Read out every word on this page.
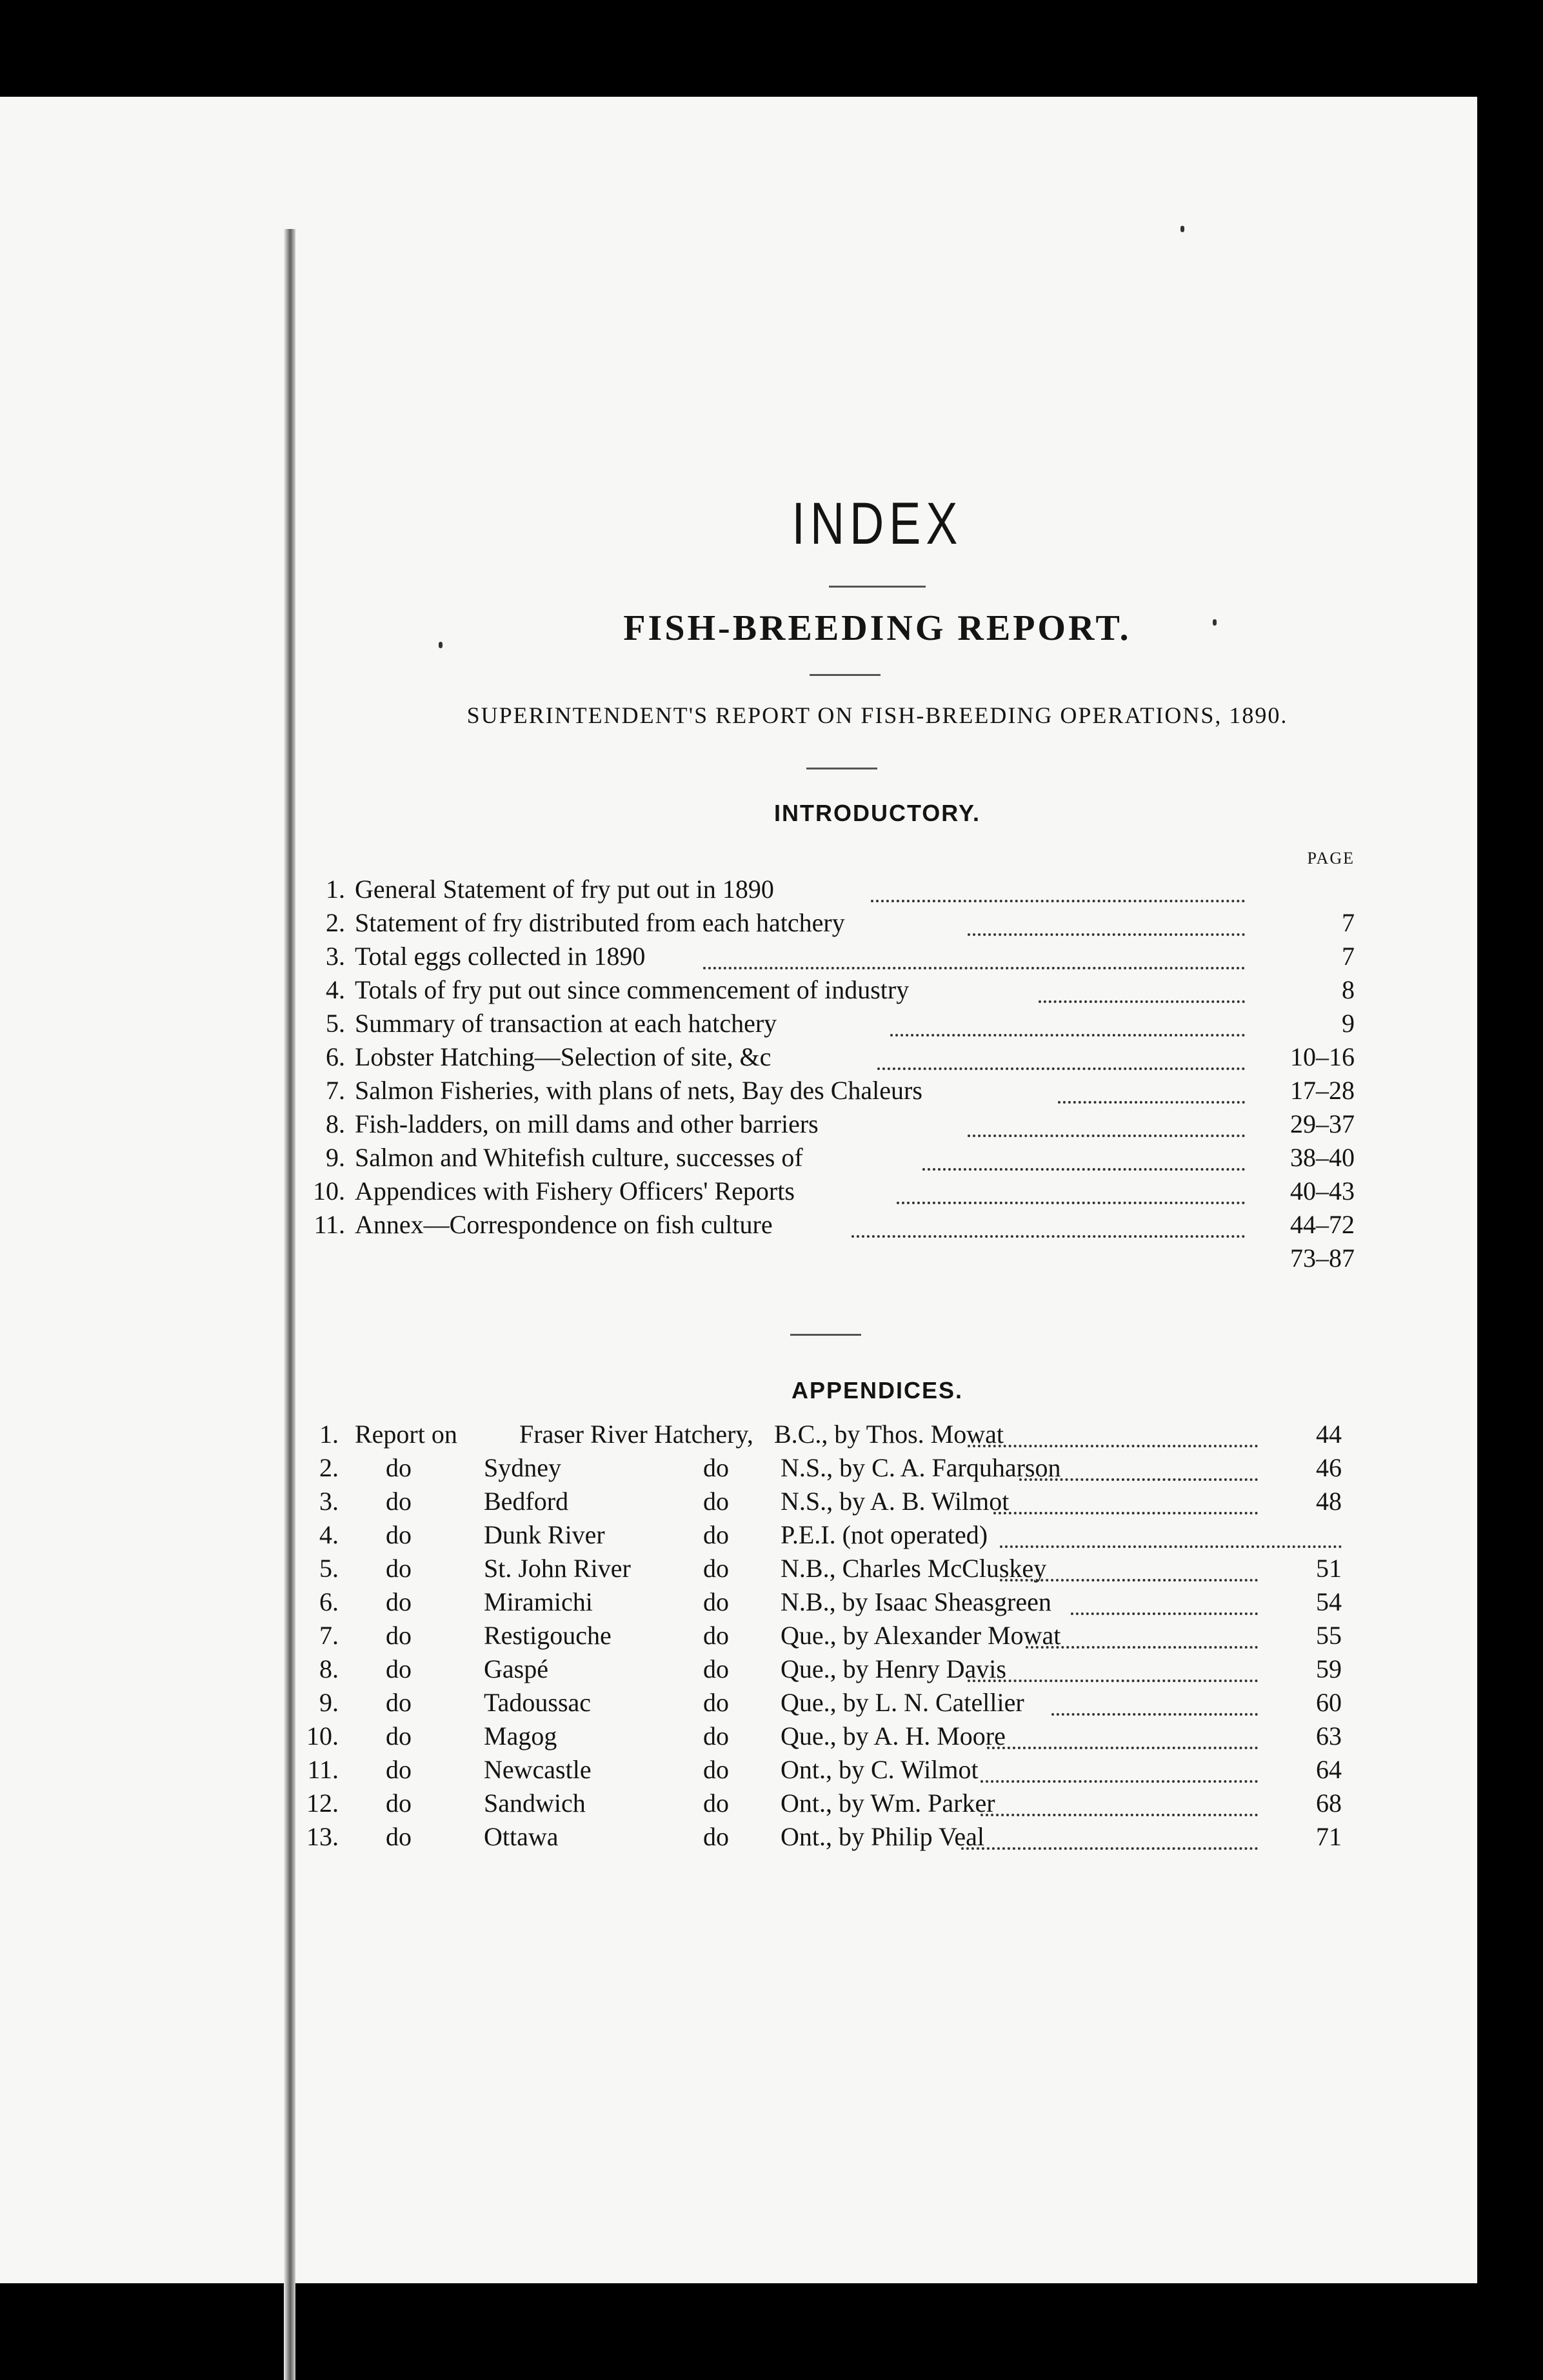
INDEX
FISH-BREEDING REPORT.
SUPERINTENDENT'S REPORT ON FISH-BREEDING OPERATIONS, 1890.
INTRODUCTORY.
PAGE
1. General Statement of fry put out in 1890
2. Statement of fry distributed from each hatchery	7
3. Total eggs collected in 1890	7
4. Totals of fry put out since commencement of industry	8
5. Summary of transaction at each hatchery	9
6. Lobster Hatching—Selection of site, &c	10–16
7. Salmon Fisheries, with plans of nets, Bay des Chaleurs	17–28
8. Fish-ladders, on mill dams and other barriers	29–37
9. Salmon and Whitefish culture, successes of	38–40
10. Appendices with Fishery Officers' Reports	40–43
11. Annex—Correspondence on fish culture	44–72
73–87
APPENDICES.
1. Report on Fraser River Hatchery, B.C., by Thos. Mowat	44
2. do	Sydney	do N.S., by C. A. Farquharson	46
3. do	Bedford	do N.S., by A. B. Wilmot	48
4. do	Dunk River	do P.E.I. (not operated)
5. do	St. John River	do N.B., Charles McCluskey	51
6. do	Miramichi	do N.B., by Isaac Sheasgreen	54
7. do	Restigouche	do Que., by Alexander Mowat	55
8. do	Gaspé	do Que., by Henry Davis	59
9. do	Tadoussac	do Que., by L. N. Catellier	60
10. do	Magog	do Que., by A. H. Moore	63
11. do	Newcastle	do Ont., by C. Wilmot	64
12. do	Sandwich	do Ont., by Wm. Parker	68
13. do	Ottawa	do Ont., by Philip Veal	71
